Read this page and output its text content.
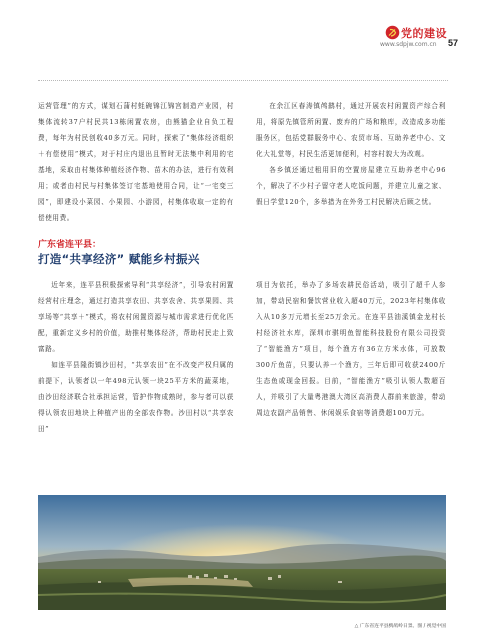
党的建设
www.sdpjw.com.cn 57

运营管理”的方式，谋划石蒲村蚝碗锦江锦宫制造产业园，村集体流转37户村民共13栋闲置农房，由熊猫企业自负工程费，每年为村民创收40多万元。同时，探索了“集体经济组织＋有偿使用”模式，对于村庄内退出且暂时无法集中利用的宅基地，采取由村集体种植经济作物、苗木的办法，进行有效利用；或者由村民与村集体签订宅基地使用合同，让“一宅变三园”，即建设小菜园、小果园、小游园，村集体收取一定的有偿使用费。

在余江区春涛镇鸬鹚村，通过开展农村闲置资产综合利用，将原先镇管所闲置、废弃的广场和粮库，改造成多功能服务区，包括党群服务中心、农贸市场、互助养老中心、文化大礼堂等，村民生活更加便利，村容村貌大为改观。

各乡镇还通过租用旧的空置房屋建立互助养老中心96个，解决了不少村子留守老人吃饭问题，并建立儿童之家、假日学堂120个，多举措为在外务工村民解决后顾之忧。

广东省连平县：
打造“共享经济” 赋能乡村振兴

近年来，连平县积极探索导利“共享经济”，引导农村闲置经营村庄理念，通过打造共享农田、共享农舍、共享果园、共享场等“共享＋”模式，将农村闲置资源与城市需求进行优化匹配，重新定义乡村的价值，助推村集体经济，帮助村民走上致富路。

如连平县隆街镇沙田村，“共享农田”在不改变产权归属的前提下，认领者以一年498元认领一块25平方米的蔬菜地，由沙田经济联合社承担运营，管护作物成熟时，参与者可以获得认领农田地块上种植产出的全部农作物。沙田村以“共享农田”

项目为依托，举办了多场农耕民俗活动，吸引了超千人参加，带动民宿和餐饮营业收入超40万元，2023年村集体收入从10多万元增长至25万余元。在连平县油溪镇金龙村长村经济社水库，深圳市骐明鱼智能科技股份有限公司投资了“智能渔方”项目，每个渔方有36立方米水体，可放数300斤鱼苗，只要认养一个渔方，三年后即可收获2400斤生态鱼或现金回报。目前，“智能渔方”吸引认领人数超百人，并吸引了大量粤港澳大湾区高消费人群前来旅游，带动周边农副产品销售、休闲娱乐食宿等消费超100万元。

△ 广东省连平县鹧鸪岭日景。图 / 视觉中国
